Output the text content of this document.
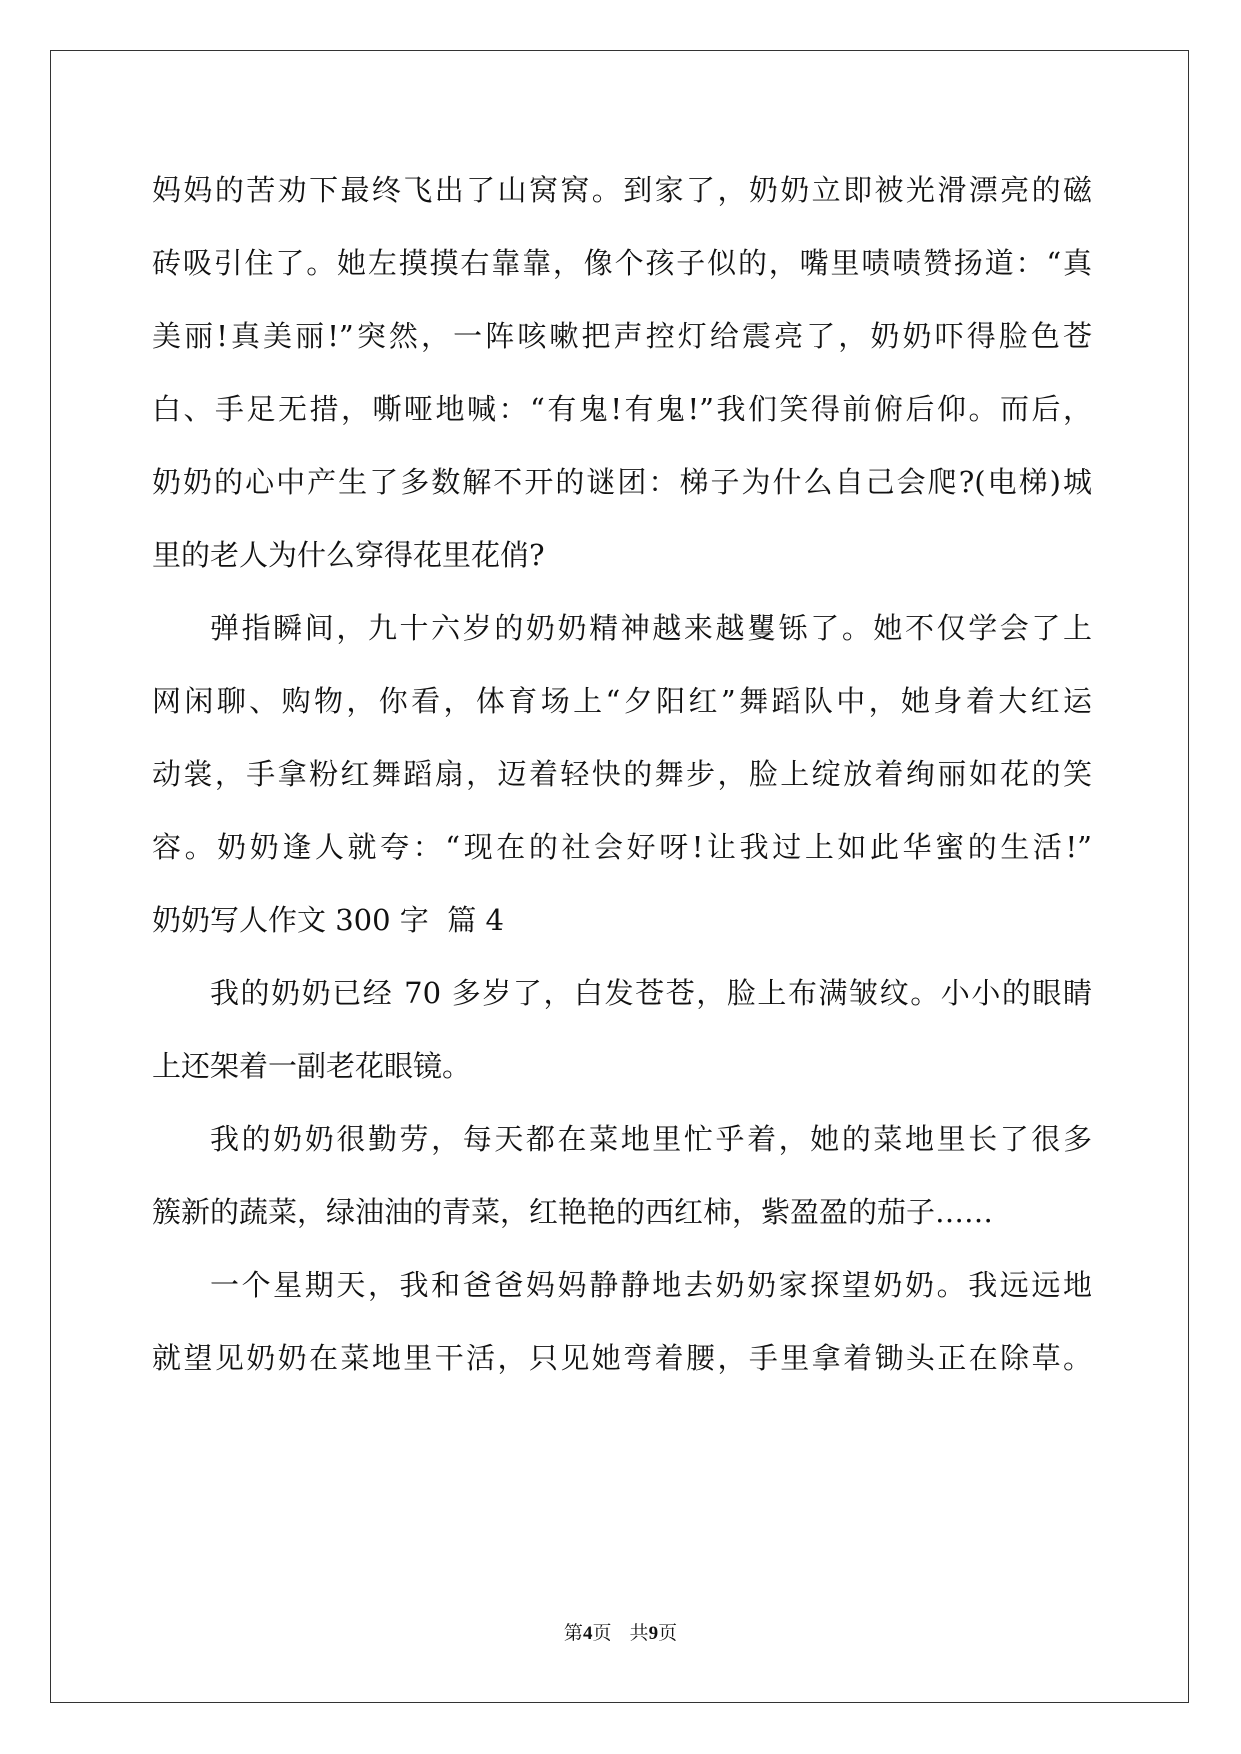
妈妈的苦劝下最终飞出了山窝窝。到家了，奶奶立即被光滑漂亮的磁
砖吸引住了。她左摸摸右靠靠，像个孩子似的，嘴里啧啧赞扬道：“真
美丽!真美丽!”突然，一阵咳嗽把声控灯给震亮了，奶奶吓得脸色苍
白、手足无措，嘶哑地喊：“有鬼!有鬼!”我们笑得前俯后仰。而后，
奶奶的心中产生了多数解不开的谜团：梯子为什么自己会爬?(电梯)城
里的老人为什么穿得花里花俏?
弹指瞬间，九十六岁的奶奶精神越来越矍铄了。她不仅学会了上
网闲聊、购物，你看，体育场上“夕阳红”舞蹈队中，她身着大红运
动裳，手拿粉红舞蹈扇，迈着轻快的舞步，脸上绽放着绚丽如花的笑
容。奶奶逢人就夸：“现在的社会好呀!让我过上如此华蜜的生活!”
奶奶写人作文 300 字  篇 4
我的奶奶已经 70 多岁了，白发苍苍，脸上布满皱纹。小小的眼睛
上还架着一副老花眼镜。
我的奶奶很勤劳，每天都在菜地里忙乎着，她的菜地里长了很多
簇新的蔬菜，绿油油的青菜，红艳艳的西红柿，紫盈盈的茄子……
一个星期天，我和爸爸妈妈静静地去奶奶家探望奶奶。我远远地
就望见奶奶在菜地里干活，只见她弯着腰，手里拿着锄头正在除草。
第4页   共9页
